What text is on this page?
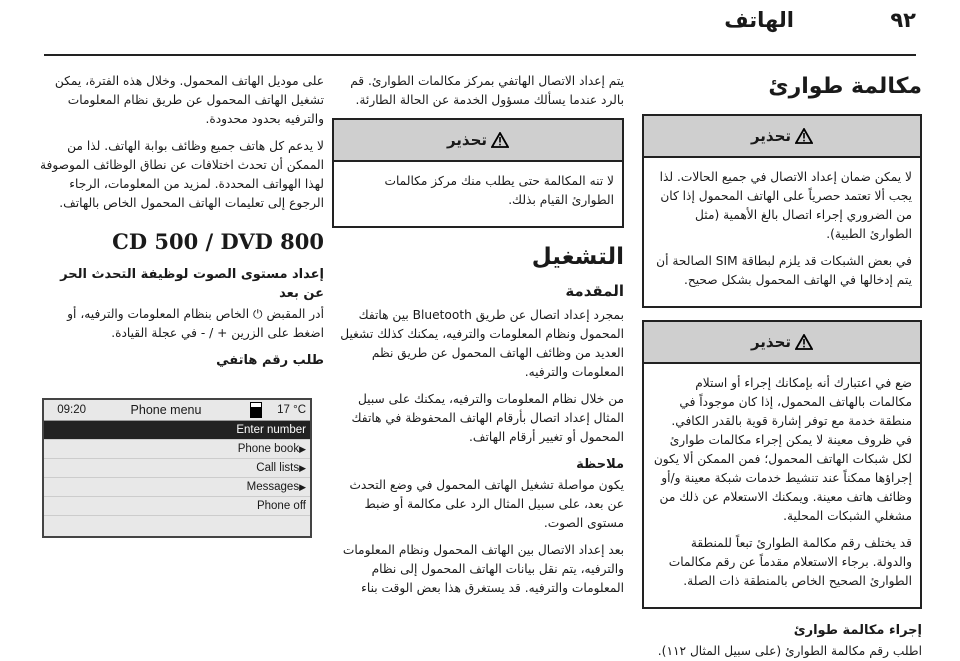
٩٢
الهاتف
مكالمة طوارئ
تحذير

لا يمكن ضمان إعداد الاتصال في جميع الحالات. لذا يجب ألا تعتمد حصرياً على الهاتف المحمول إذا كان من الضروري إجراء اتصال بالغ الأهمية (مثل الطوارئ الطبية).

في بعض الشبكات قد يلزم لبطاقة SIM الصالحة أن يتم إدخالها في الهاتف المحمول بشكل صحيح.

تحذير

ضع في اعتبارك أنه بإمكانك إجراء أو استلام مكالمات بالهاتف المحمول، إذا كان موجوداً في منطقة خدمة مع توفر إشارة قوية بالقدر الكافي. في ظروف معينة لا يمكن إجراء مكالمات طوارئ لكل شبكات الهاتف المحمول؛ فمن الممكن ألا يكون إجراؤها ممكناً عند تنشيط خدمات شبكة معينة و/أو وظائف هاتف معينة. ويمكنك الاستعلام عن ذلك من مشغلي الشبكات المحلية.

قد يختلف رقم مكالمة الطوارئ تبعاً للمنطقة والدولة. برجاء الاستعلام مقدماً عن رقم مكالمات الطوارئ الصحيح الخاص بالمنطقة ذات الصلة.

إجراء مكالمة طوارئ

اطلب رقم مكالمة الطوارئ (على سبيل المثال ١١٢).

يتم إعداد الاتصال الهاتفي بمركز مكالمات الطوارئ. قم بالرد عندما يسألك مسؤول الخدمة عن الحالة الطارئة.

تحذير

لا تنه المكالمة حتى يطلب منك مركز مكالمات الطوارئ القيام بذلك.

التشغيل
المقدمة

بمجرد إعداد اتصال عن طريق Bluetooth بين هاتفك المحمول ونظام المعلومات والترفيه، يمكنك كذلك تشغيل العديد من وظائف الهاتف المحمول عن طريق نظم المعلومات والترفيه.

من خلال نظام المعلومات والترفيه، يمكنك على سبيل المثال إعداد اتصال بأرقام الهاتف المحفوظة في هاتفك المحمول أو تغيير أرقام الهاتف.

ملاحظة

يكون مواصلة تشغيل الهاتف المحمول في وضع التحدث عن بعد، على سبيل المثال الرد على مكالمة أو ضبط مستوى الصوت.

بعد إعداد الاتصال بين الهاتف المحمول ونظام المعلومات والترفيه، يتم نقل بيانات الهاتف المحمول إلى نظام المعلومات والترفيه. قد يستغرق هذا بعض الوقت بناء

على موديل الهاتف المحمول. وخلال هذه الفترة، يمكن تشغيل الهاتف المحمول عن طريق نظام المعلومات والترفيه بحدود محدودة.

لا يدعم كل هاتف جميع وظائف بوابة الهاتف. لذا من الممكن أن تحدث اختلافات عن نطاق الوظائف الموصوفة لهذا الهواتف المحددة. لمزيد من المعلومات، الرجاء الرجوع إلى تعليمات الهاتف المحمول الخاص بالهاتف.

CD 500 / DVD 800
إعداد مستوى الصوت لوظيفة التحدث الحر عن بعد

أدر المقبض ⏻ الخاص بنظام المعلومات والترفيه، أو اضغط على الزرين + / - في عجلة القيادة.

طلب رقم هاتفي
09:20	Phone menu	17 °C
Enter number
Phone book ▶
Call lists ▶
Messages ▶
Phone off
